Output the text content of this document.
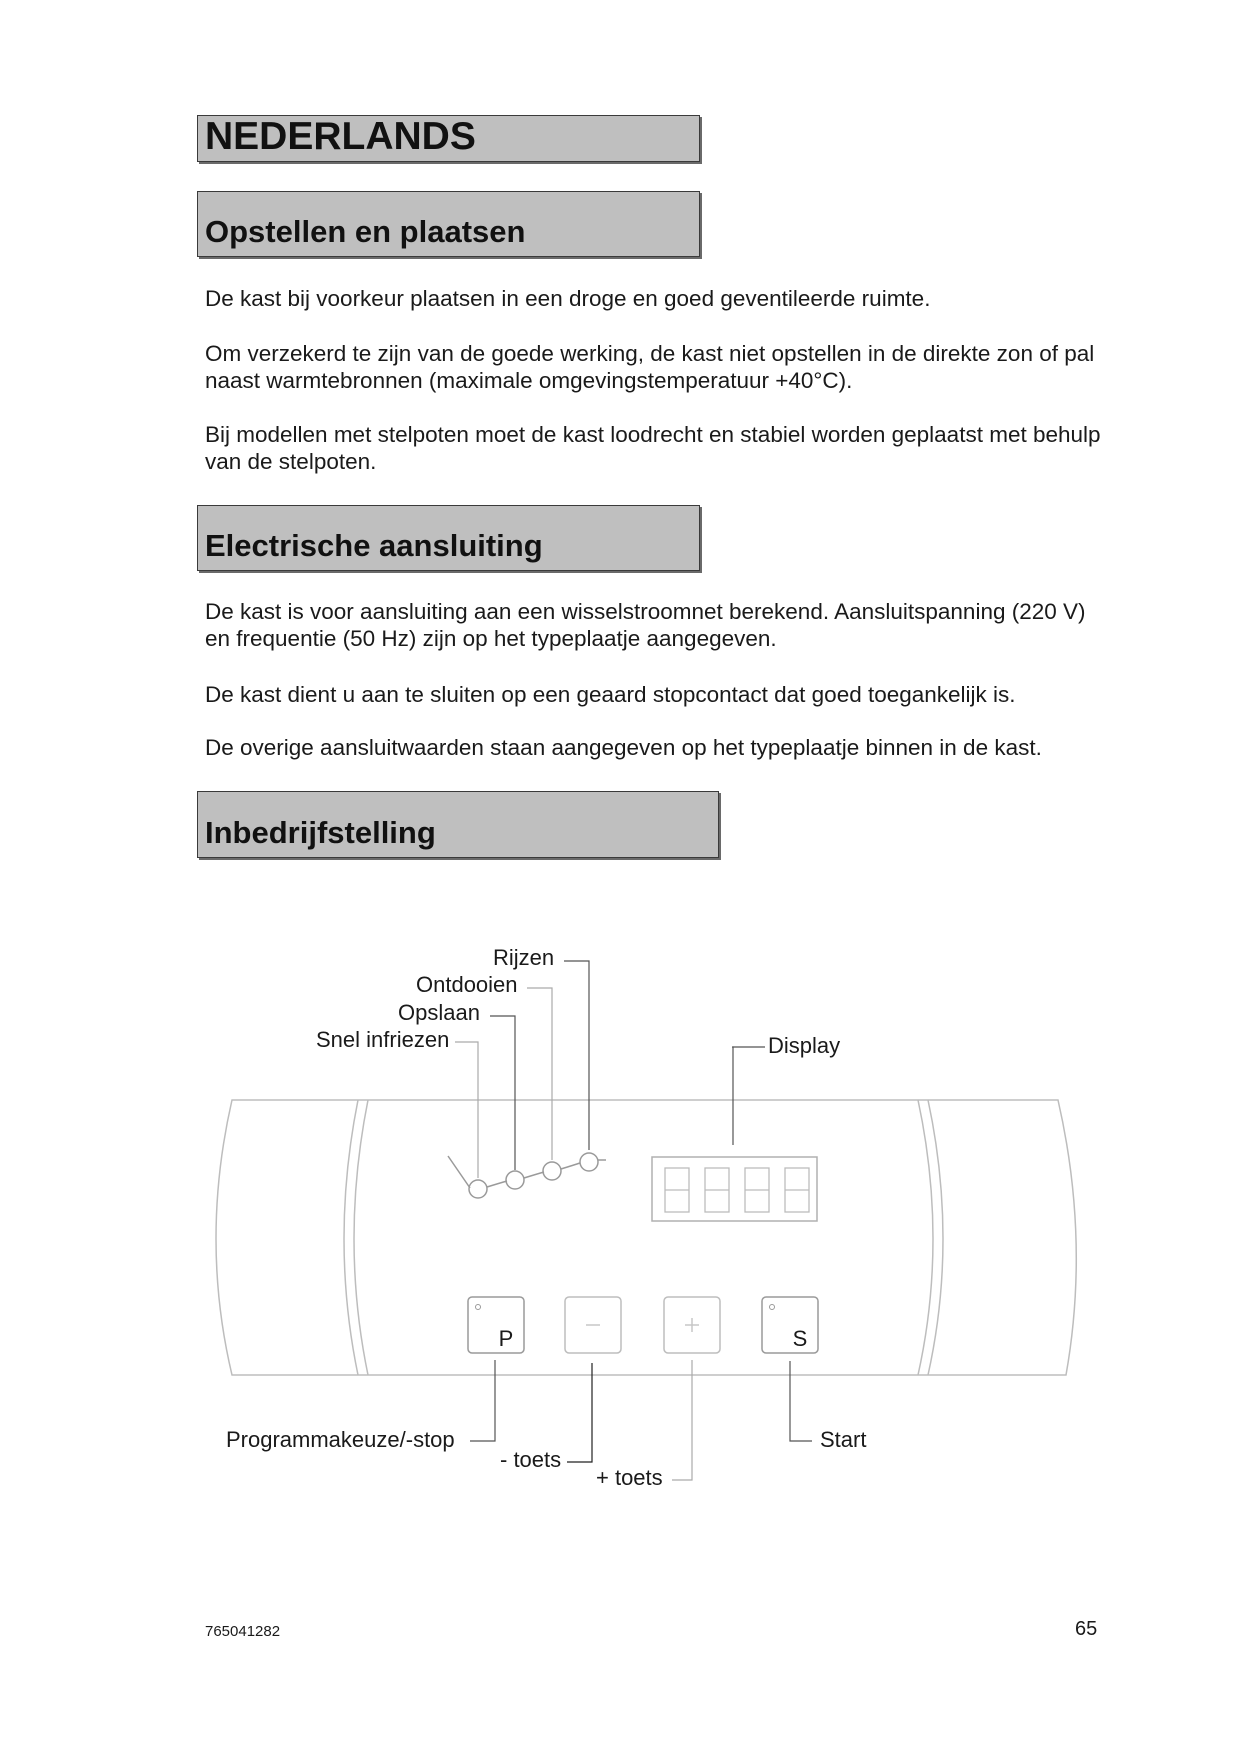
NEDERLANDS
Opstellen en plaatsen

De kast bij voorkeur plaatsen in een droge en goed geventileerde ruimte.

Om verzekerd te zijn van de goede werking, de kast niet opstellen in de direkte zon of pal naast warmtebronnen (maximale omgevingstemperatuur +40°C).

Bij modellen met stelpoten moet de kast loodrecht en stabiel worden geplaatst met behulp van de stelpoten.

Electrische aansluiting

De kast is voor aansluiting aan een wisselstroomnet berekend. Aansluitspanning (220 V) en frequentie (50 Hz) zijn op het typeplaatje aangegeven.

De kast dient u aan te sluiten op een geaard stopcontact dat goed toegankelijk is.

De overige aansluitwaarden staan aangegeven op het typeplaatje binnen in de kast.

Inbedrijfstelling
P	S
Rijzen
Ontdooien
Opslaan
Snel infriezen	Display
Programmakeuze/-stop
- toets
+ toets
Start
765041282	65
